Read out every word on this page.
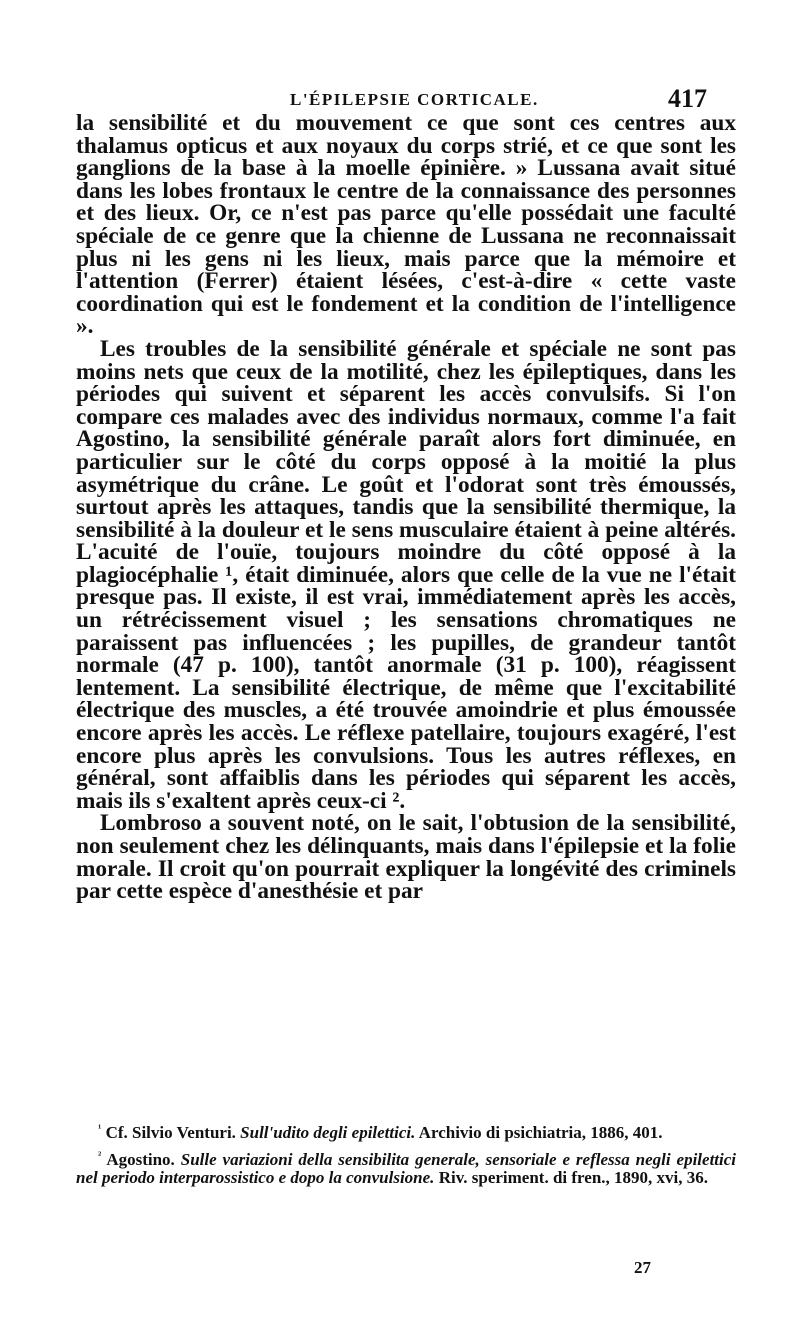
L'ÉPILEPSIE CORTICALE.	417

la sensibilité et du mouvement ce que sont ces centres aux thalamus opticus et aux noyaux du corps strié, et ce que sont les ganglions de la base à la moelle épinière. » Lussana avait situé dans les lobes frontaux le centre de la connaissance des personnes et des lieux. Or, ce n'est pas parce qu'elle possédait une faculté spéciale de ce genre que la chienne de Lussana ne reconnaissait plus ni les gens ni les lieux, mais parce que la mémoire et l'attention (Ferrer) étaient lésées, c'est-à-dire « cette vaste coordination qui est le fondement et la condition de l'intelligence ».

Les troubles de la sensibilité générale et spéciale ne sont pas moins nets que ceux de la motilité, chez les épileptiques, dans les périodes qui suivent et séparent les accès convulsifs. Si l'on compare ces malades avec des individus normaux, comme l'a fait Agostino, la sensibilité générale paraît alors fort diminuée, en particulier sur le côté du corps opposé à la moitié la plus asymétrique du crâne. Le goût et l'odorat sont très émoussés, surtout après les attaques, tandis que la sensibilité thermique, la sensibilité à la douleur et le sens musculaire étaient à peine altérés. L'acuité de l'ouïe, toujours moindre du côté opposé à la plagiocéphalie ¹, était diminuée, alors que celle de la vue ne l'était presque pas. Il existe, il est vrai, immédiatement après les accès, un rétrécissement visuel ; les sensations chromatiques ne paraissent pas influencées ; les pupilles, de grandeur tantôt normale (47 p. 100), tantôt anormale (31 p. 100), réagissent lentement. La sensibilité électrique, de même que l'excitabilité électrique des muscles, a été trouvée amoindrie et plus émoussée encore après les accès. Le réflexe patellaire, toujours exagéré, l'est encore plus après les convulsions. Tous les autres réflexes, en général, sont affaiblis dans les périodes qui séparent les accès, mais ils s'exaltent après ceux-ci ².

Lombroso a souvent noté, on le sait, l'obtusion de la sensibilité, non seulement chez les délinquants, mais dans l'épilepsie et la folie morale. Il croit qu'on pourrait expliquer la longévité des criminels par cette espèce d'anesthésie et par

$^{^1}$ Cf. Silvio Venturi. Sull'udito degli epilettici. Archivio di psichiatria, 1886, 401.

$^{^2}$ Agostino. Sulle variazioni della sensibilita generale, sensoriale e reflessa negli epilettici nel periodo interparossistico e dopo la convulsione. Riv. speriment. di fren., 1890, xvi, 36.

27
